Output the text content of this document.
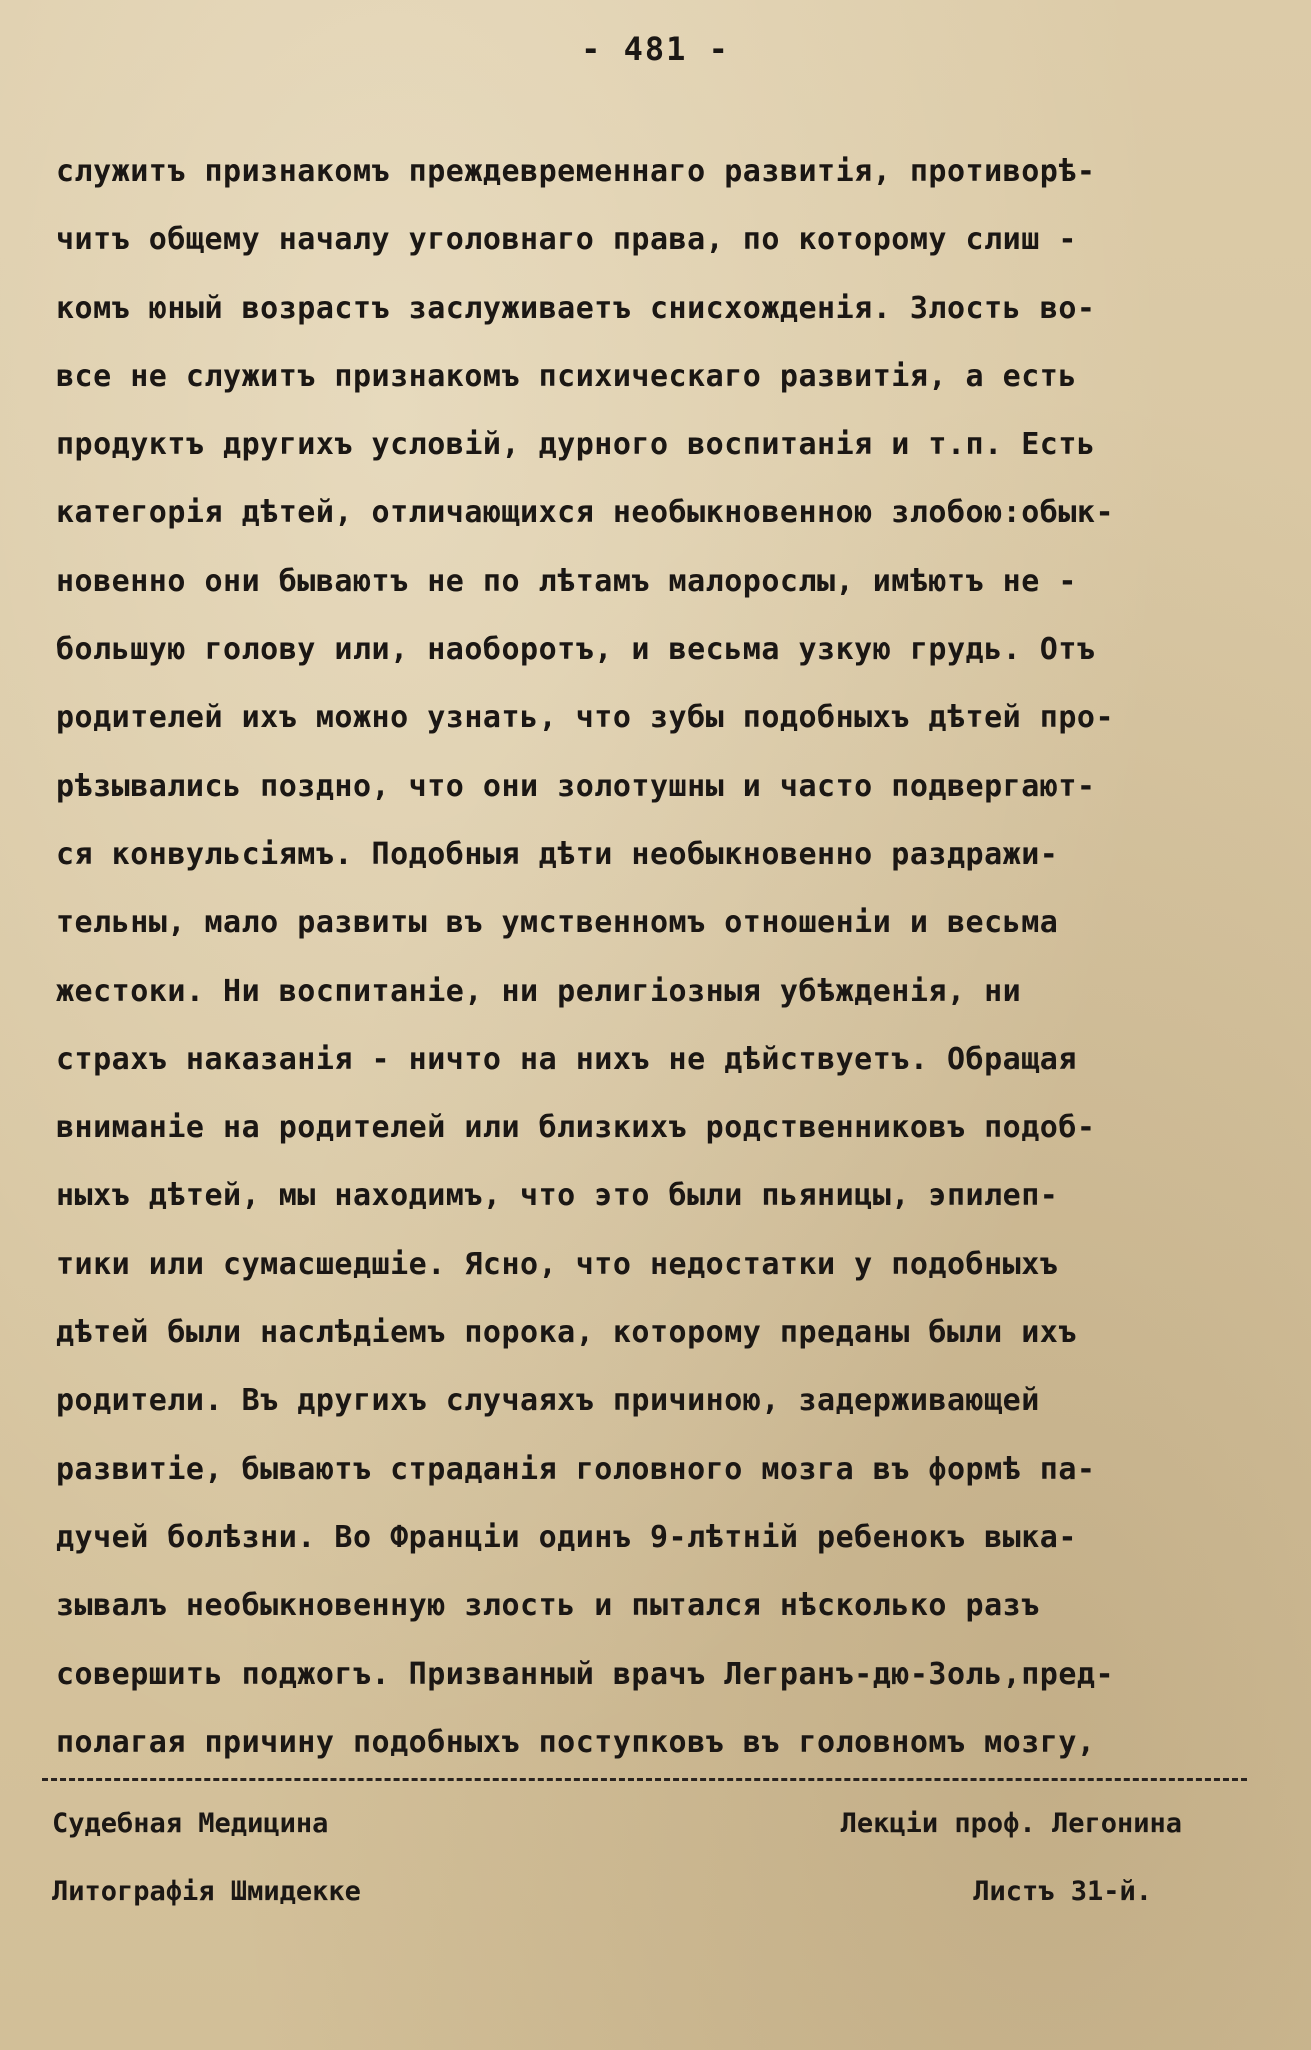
- 481 -
служитъ признакомъ преждевременнаго развитія, противорѣ-
читъ общему началу уголовнаго права, по которому слиш -
комъ юный возрастъ заслуживаетъ снисхожденія. Злость во-
все не служитъ признакомъ психическаго развитія, а есть
продуктъ другихъ условій, дурного воспитанія и т.п. Есть
категорія дѣтей, отличающихся необыкновенною злобою:обык-
новенно они бываютъ не по лѣтамъ малорослы, имѣютъ не -
большую голову или, наоборотъ, и весьма узкую грудь. Отъ
родителей ихъ можно узнать, что зубы подобныхъ дѣтей про-
рѣзывались поздно, что они золотушны и часто подвергают-
ся конвульсіямъ. Подобныя дѣти необыкновенно раздражи-
тельны, мало развиты въ умственномъ отношеніи и весьма
жестоки. Ни воспитаніе, ни религіозныя убѣжденія, ни
страхъ наказанія - ничто на нихъ не дѣйствуетъ. Обращая
вниманіе на родителей или близкихъ родственниковъ подоб-
ныхъ дѣтей, мы находимъ, что это были пьяницы, эпилеп-
тики или сумасшедшіе. Ясно, что недостатки у подобныхъ
дѣтей были наслѣдіемъ порока, которому преданы были ихъ
родители. Въ другихъ случаяхъ причиною, задерживающей
развитіе, бываютъ страданія головного мозга въ формѣ па-
дучей болѣзни. Во Франціи одинъ 9-лѣтній ребенокъ выка-
зывалъ необыкновенную злость и пытался нѣсколько разъ
совершить поджогъ. Призванный врачъ Легранъ-дю-Золь,пред-
полагая причину подобныхъ поступковъ въ головномъ мозгу,
Судебная Медицина	Лекціи проф. Легонина
Литографія Шмидекке	Листъ 31-й.
